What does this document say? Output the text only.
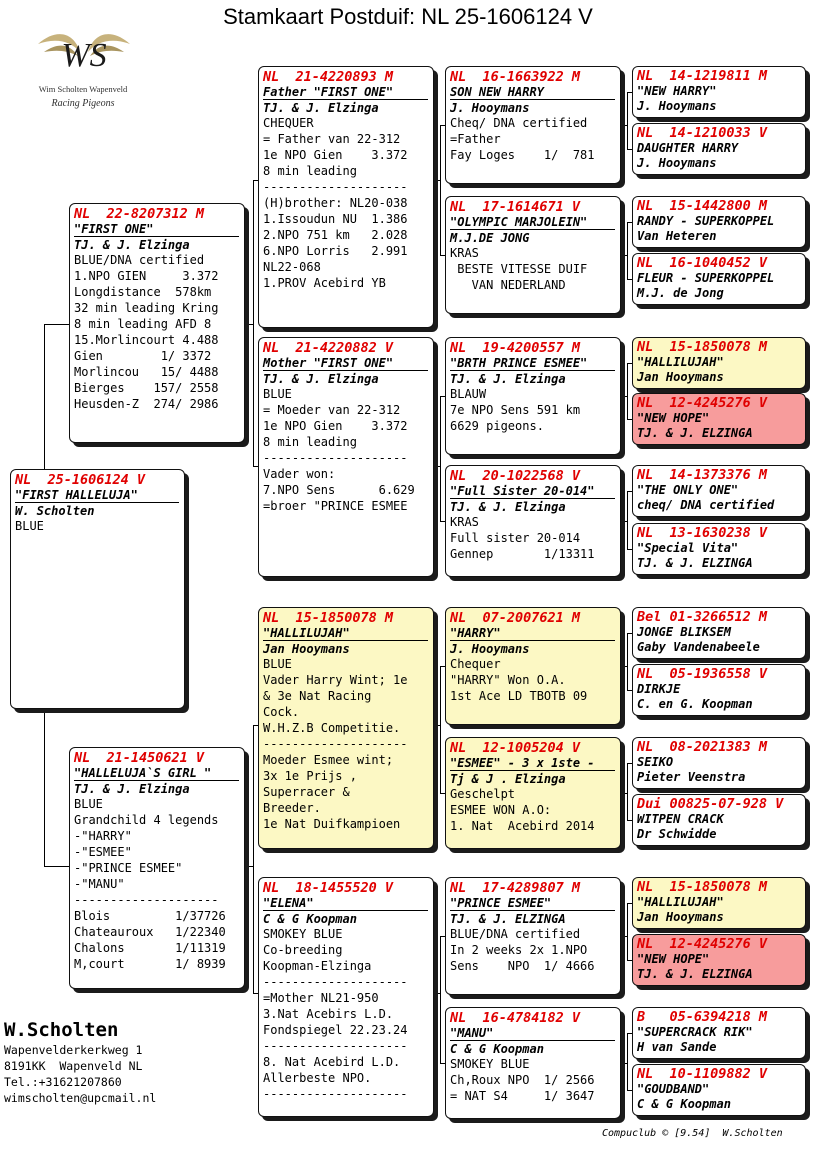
Stamkaart Postduif: NL 25-1606124 V
WS
Wim Scholten Wapenveld
Racing Pigeons
NL  25-1606124 V
"FIRST HALLELUJA"
W. Scholten
BLUE
NL  22-8207312 M
"FIRST ONE"
TJ. & J. Elzinga
BLUE/DNA certified
1.NPO GIEN     3.372
Longdistance  578km
32 min leading Kring
8 min leading AFD 8
15.Morlincourt 4.488
Gien        1/ 3372
Morlincou   15/ 4488
Bierges    157/ 2558
Heusden-Z  274/ 2986
NL  21-1450621 V
"HALLELUJA`S GIRL "
TJ. & J. Elzinga
BLUE
Grandchild 4 legends
-"HARRY"
-"ESMEE"
-"PRINCE ESMEE"
-"MANU"
--------------------
Blois         1/37726
Chateauroux   1/22340
Chalons       1/11319
M,court       1/ 8939
NL  21-4220893 M
Father "FIRST ONE"
TJ. & J. Elzinga
CHEQUER
= Father van 22-312
1e NPO Gien    3.372
8 min leading
--------------------
(H)brother: NL20-038
1.Issoudun NU  1.386
2.NPO 751 km   2.028
6.NPO Lorris   2.991
NL22-068
1.PROV Acebird YB
NL  21-4220882 V
Mother "FIRST ONE"
TJ. & J. Elzinga
BLUE
= Moeder van 22-312
1e NPO Gien    3.372
8 min leading
--------------------
Vader won:
7.NPO Sens      6.629
=broer "PRINCE ESMEE
NL  15-1850078 M
"HALLILUJAH"
Jan Hooymans
BLUE
Vader Harry Wint; 1e
& 3e Nat Racing
Cock.
W.H.Z.B Competitie.
--------------------
Moeder Esmee wint;
3x 1e Prijs ,
Superracer &
Breeder.
1e Nat Duifkampioen
NL  18-1455520 V
"ELENA"
C & G Koopman
SMOKEY BLUE
Co-breeding
Koopman-Elzinga
--------------------
=Mother NL21-950
3.Nat Acebirs L.D.
Fondspiegel 22.23.24
--------------------
8. Nat Acebird L.D.
Allerbeste NPO.
--------------------
NL  16-1663922 M
SON NEW HARRY
J. Hooymans
Cheq/ DNA certified
=Father
Fay Loges    1/  781
NL  17-1614671 V
"OLYMPIC MARJOLEIN"
M.J.DE JONG
KRAS
BESTE VITESSE DUIF
VAN NEDERLAND
NL  19-4200557 M
"BRTH PRINCE ESMEE"
TJ. & J. Elzinga
BLAUW
7e NPO Sens 591 km
6629 pigeons.
NL  20-1022568 V
"Full Sister 20-014"
TJ. & J. Elzinga
KRAS
Full sister 20-014
Gennep       1/13311
NL  07-2007621 M
"HARRY"
J. Hooymans
Chequer
"HARRY" Won O.A.
1st Ace LD TBOTB 09
NL  12-1005204 V
"ESMEE" - 3 x 1ste -
Tj & J . Elzinga
Geschelpt
ESMEE WON A.O:
1. Nat  Acebird 2014
NL  17-4289807 M
"PRINCE ESMEE"
TJ. & J. ELZINGA
BLUE/DNA certified
In 2 weeks 2x 1.NPO
Sens    NPO  1/ 4666
NL  16-4784182 V
"MANU"
C & G Koopman
SMOKEY BLUE
Ch,Roux NPO  1/ 2566
= NAT S4     1/ 3647
NL  14-1219811 M
"NEW HARRY"
J. Hooymans
NL  14-1210033 V
DAUGHTER HARRY
J. Hooymans
NL  15-1442800 M
RANDY - SUPERKOPPEL
Van Heteren
NL  16-1040452 V
FLEUR - SUPERKOPPEL
M.J. de Jong
NL  15-1850078 M
"HALLILUJAH"
Jan Hooymans
NL  12-4245276 V
"NEW HOPE"
TJ. & J. ELZINGA
NL  14-1373376 M
"THE ONLY ONE"
cheq/ DNA certified
NL  13-1630238 V
"Special Vita"
TJ. & J. ELZINGA
Bel 01-3266512 M
JONGE BLIKSEM
Gaby Vandenabeele
NL  05-1936558 V
DIRKJE
C. en G. Koopman
NL  08-2021383 M
SEIKO
Pieter Veenstra
Dui 00825-07-928 V
WITPEN CRACK
Dr Schwidde
NL  15-1850078 M
"HALLILUJAH"
Jan Hooymans
NL  12-4245276 V
"NEW HOPE"
TJ. & J. ELZINGA
B   05-6394218 M
"SUPERCRACK RIK"
H van Sande
NL  10-1109882 V
"GOUDBAND"
C & G Koopman
W.Scholten
Wapenvelderkerkweg 1
8191KK  Wapenveld NL
Tel.:+31621207860
wimscholten@upcmail.nl
Compuclub © [9.54]  W.Scholten
